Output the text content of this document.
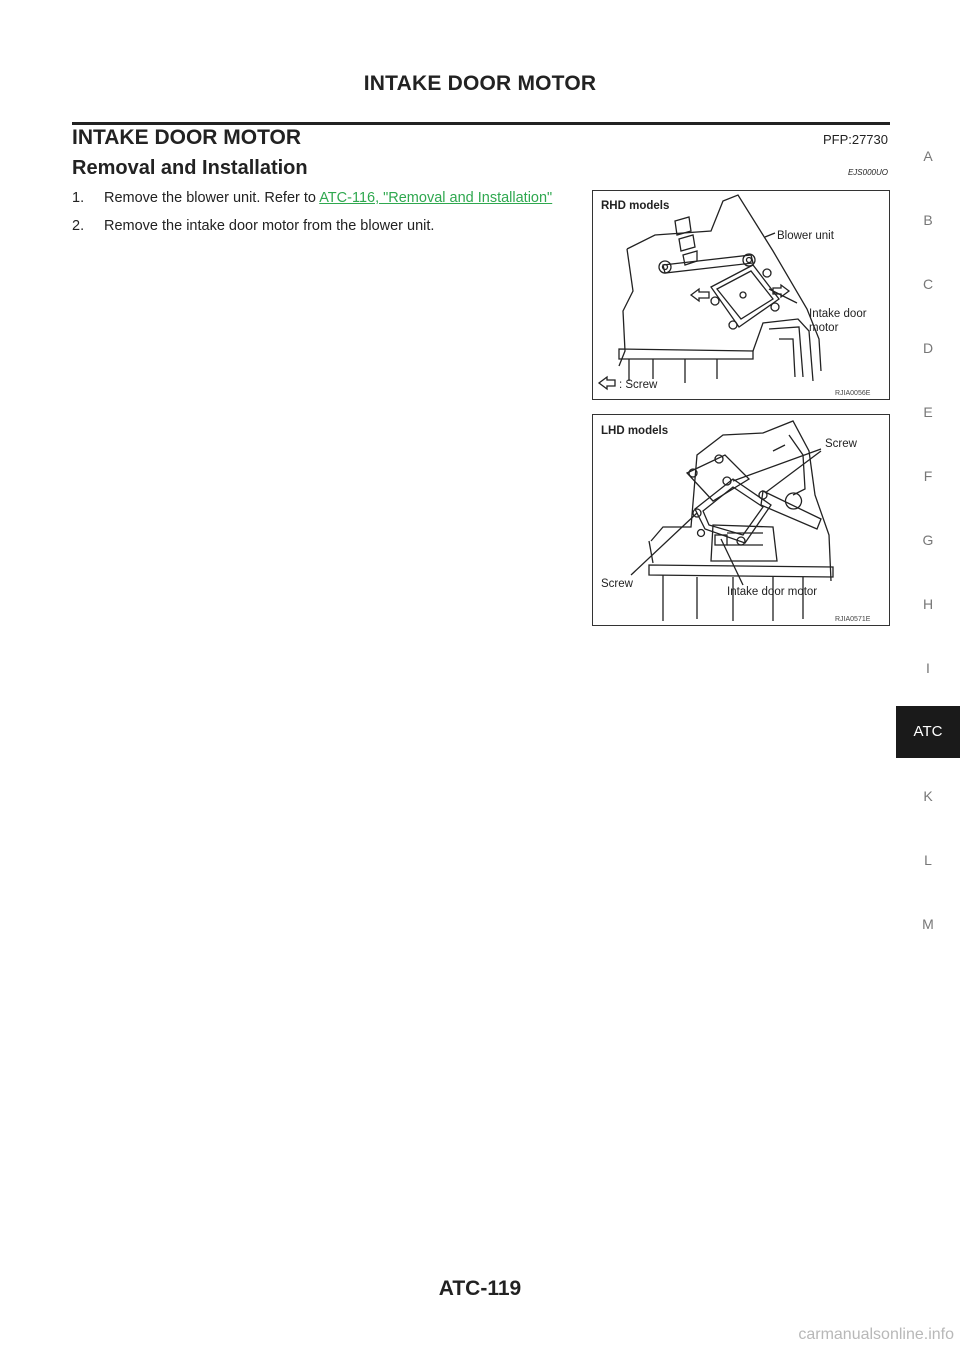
INTAKE DOOR MOTOR
INTAKE DOOR MOTOR	PFP:27730
Removal and Installation	EJS000UO
1. Remove the blower unit. Refer to ATC-116, "Removal and Installation"
2. Remove the intake door motor from the blower unit.
RHD models
Blower unit
Intake door
motor
: Screw
RJIA0056E
LHD models
Screw
Screw
Intake door motor
RJIA0571E
A
B
C
D
E
F
G
H
I
ATC
K
L
M
ATC-119
carmanualsonline.info
